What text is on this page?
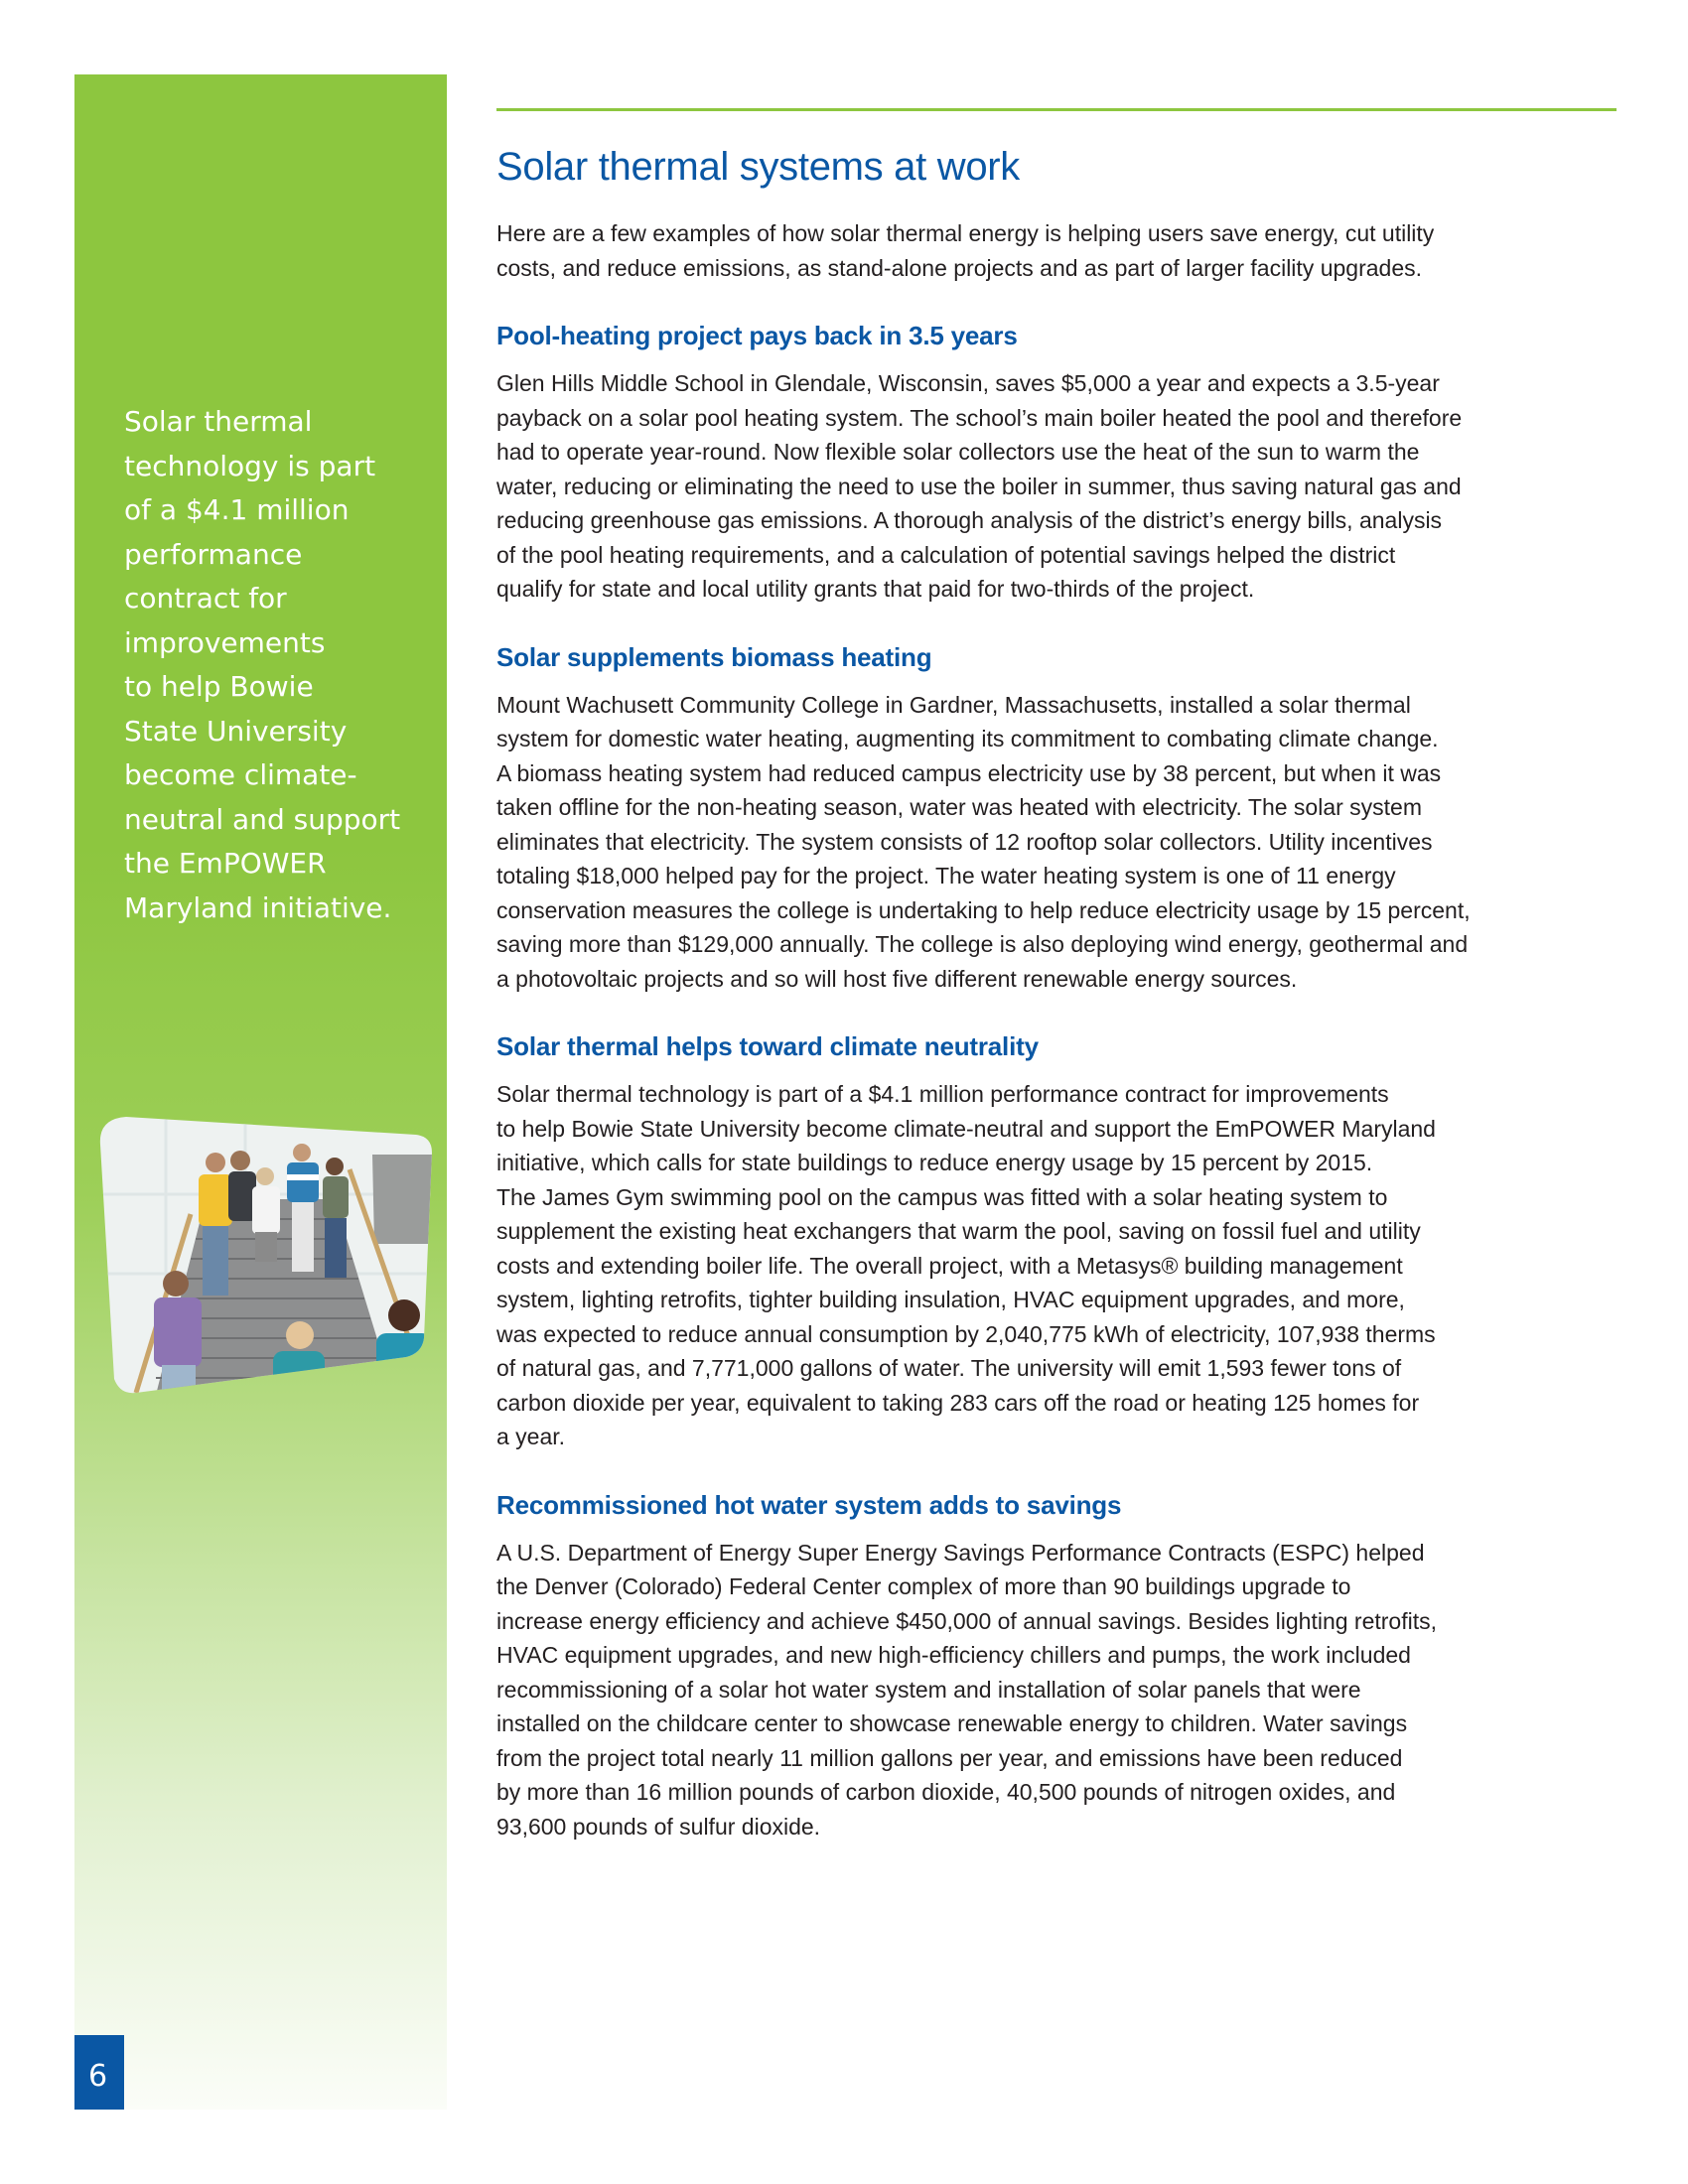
Solar thermal
technology is part
of a $4.1 million
performance
contract for
improvements
to help Bowie
State University
become climate-
neutral and support
the EmPOWER
Maryland initiative.

6
Solar thermal systems at work

Here are a few examples of how solar thermal energy is helping users save energy, cut utility
costs, and reduce emissions, as stand-alone projects and as part of larger facility upgrades.

Pool-heating project pays back in 3.5 years

Glen Hills Middle School in Glendale, Wisconsin, saves $5,000 a year and expects a 3.5-year
payback on a solar pool heating system. The school’s main boiler heated the pool and therefore
had to operate year-round. Now flexible solar collectors use the heat of the sun to warm the
water, reducing or eliminating the need to use the boiler in summer, thus saving natural gas and
reducing greenhouse gas emissions. A thorough analysis of the district’s energy bills, analysis
of the pool heating requirements, and a calculation of potential savings helped the district
qualify for state and local utility grants that paid for two-thirds of the project.

Solar supplements biomass heating

Mount Wachusett Community College in Gardner, Massachusetts, installed a solar thermal
system for domestic water heating, augmenting its commitment to combating climate change.
A biomass heating system had reduced campus electricity use by 38 percent, but when it was
taken offline for the non-heating season, water was heated with electricity. The solar system
eliminates that electricity. The system consists of 12 rooftop solar collectors. Utility incentives
totaling $18,000 helped pay for the project. The water heating system is one of 11 energy
conservation measures the college is undertaking to help reduce electricity usage by 15 percent,
saving more than $129,000 annually. The college is also deploying wind energy, geothermal and
a photovoltaic projects and so will host five different renewable energy sources.

Solar thermal helps toward climate neutrality

Solar thermal technology is part of a $4.1 million performance contract for improvements
to help Bowie State University become climate-neutral and support the EmPOWER Maryland
initiative, which calls for state buildings to reduce energy usage by 15 percent by 2015.
The James Gym swimming pool on the campus was fitted with a solar heating system to
supplement the existing heat exchangers that warm the pool, saving on fossil fuel and utility
costs and extending boiler life. The overall project, with a Metasys® building management
system, lighting retrofits, tighter building insulation, HVAC equipment upgrades, and more,
was expected to reduce annual consumption by 2,040,775 kWh of electricity, 107,938 therms
of natural gas, and 7,771,000 gallons of water. The university will emit 1,593 fewer tons of
carbon dioxide per year, equivalent to taking 283 cars off the road or heating 125 homes for
a year.

Recommissioned hot water system adds to savings

A U.S. Department of Energy Super Energy Savings Performance Contracts (ESPC) helped
the Denver (Colorado) Federal Center complex of more than 90 buildings upgrade to
increase energy efficiency and achieve $450,000 of annual savings. Besides lighting retrofits,
HVAC equipment upgrades, and new high-efficiency chillers and pumps, the work included
recommissioning of a solar hot water system and installation of solar panels that were
installed on the childcare center to showcase renewable energy to children. Water savings
from the project total nearly 11 million gallons per year, and emissions have been reduced
by more than 16 million pounds of carbon dioxide, 40,500 pounds of nitrogen oxides, and
93,600 pounds of sulfur dioxide.
